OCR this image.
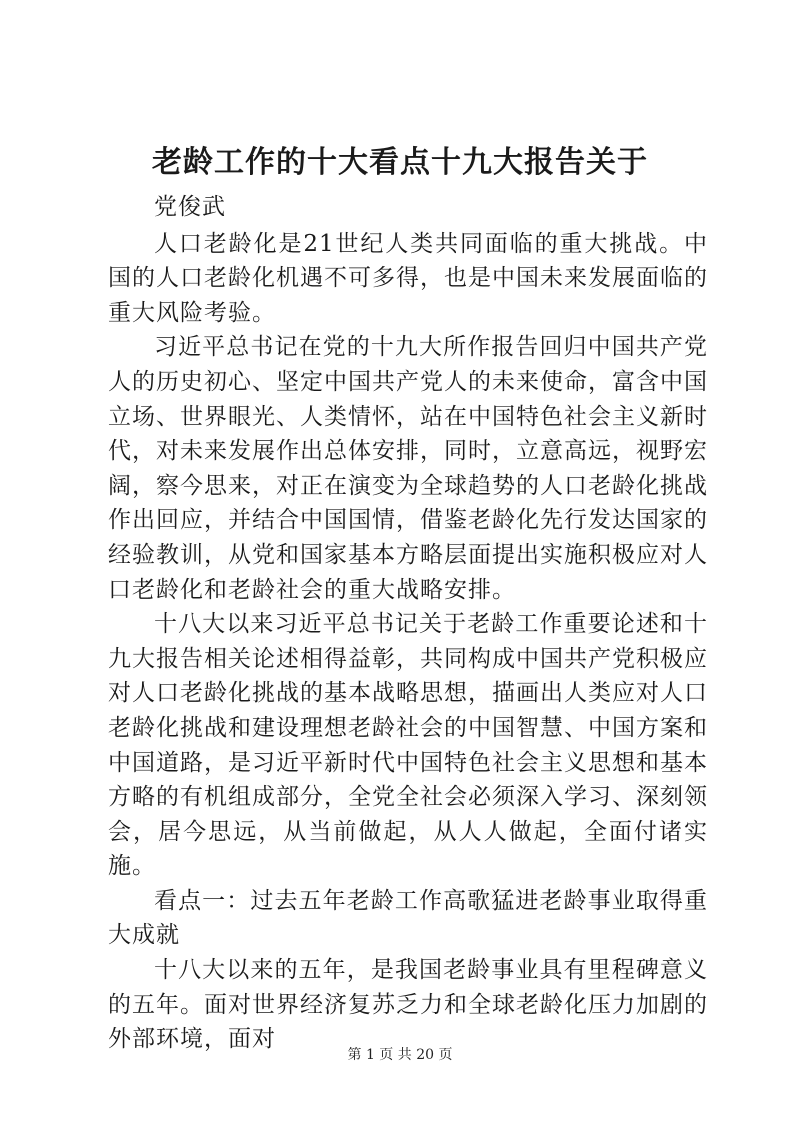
老龄工作的十大看点十九大报告关于

党俊武

人口老龄化是21世纪人类共同面临的重大挑战。中国的人口老龄化机遇不可多得，也是中国未来发展面临的重大风险考验。

习近平总书记在党的十九大所作报告回归中国共产党人的历史初心、坚定中国共产党人的未来使命，富含中国立场、世界眼光、人类情怀，站在中国特色社会主义新时代，对未来发展作出总体安排，同时，立意高远，视野宏阔，察今思来，对正在演变为全球趋势的人口老龄化挑战作出回应，并结合中国国情，借鉴老龄化先行发达国家的经验教训，从党和国家基本方略层面提出实施积极应对人口老龄化和老龄社会的重大战略安排。

十八大以来习近平总书记关于老龄工作重要论述和十九大报告相关论述相得益彰，共同构成中国共产党积极应对人口老龄化挑战的基本战略思想，描画出人类应对人口老龄化挑战和建设理想老龄社会的中国智慧、中国方案和中国道路，是习近平新时代中国特色社会主义思想和基本方略的有机组成部分，全党全社会必须深入学习、深刻领会，居今思远，从当前做起，从人人做起，全面付诸实施。

看点一：过去五年老龄工作高歌猛进老龄事业取得重大成就

十八大以来的五年，是我国老龄事业具有里程碑意义的五年。面对世界经济复苏乏力和全球老龄化压力加剧的外部环境，面对

第 1 页 共 20 页
